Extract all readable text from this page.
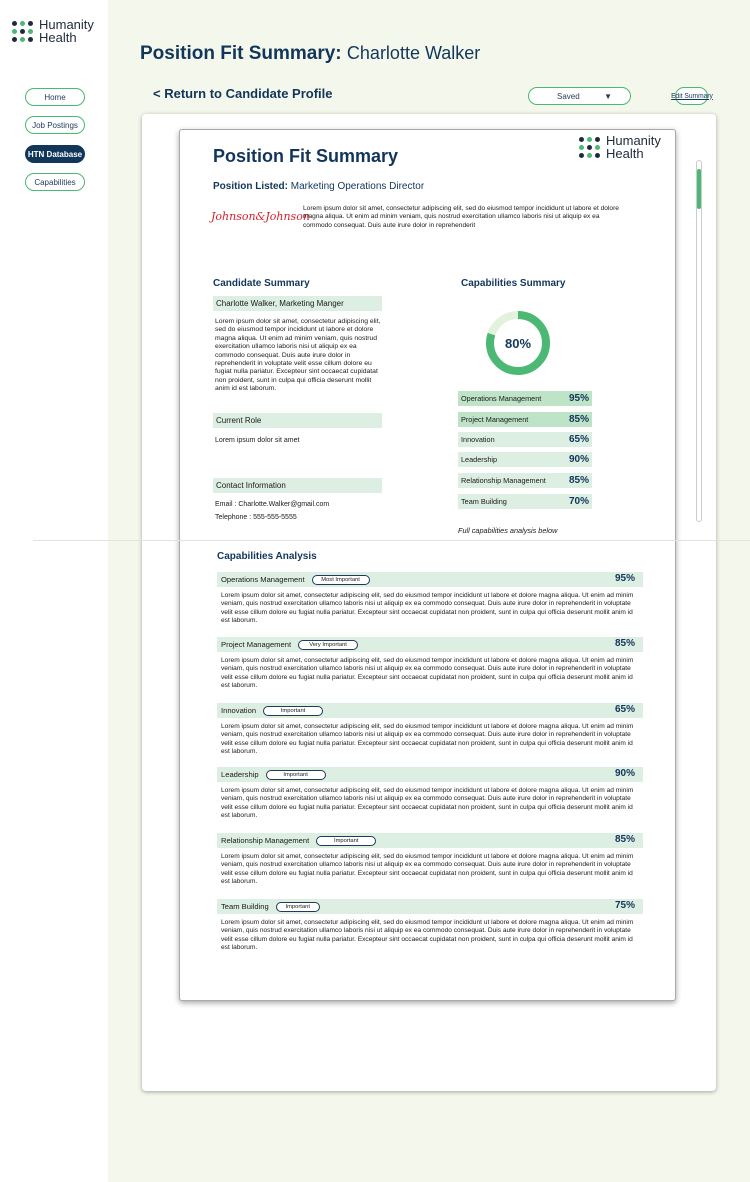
Humanity
Health
Home
Job Postings
HTN Database
Capabilities
Position Fit Summary: Charlotte Walker
< Return to Candidate Profile	Saved	▼	Edit Summary
Humanity
Health
Position Fit Summary
Position Listed: Marketing Operations Director
Johnson&Johnson
Lorem ipsum dolor sit amet, consectetur adipiscing elit, sed do eiusmod tempor incididunt ut labore et dolore magna aliqua. Ut enim ad minim veniam, quis nostrud exercitation ullamco laboris nisi ut aliquip ex ea commodo consequat. Duis aute irure dolor in reprehenderit
Candidate Summary
Charlotte Walker, Marketing Manger
Lorem ipsum dolor sit amet, consectetur adipiscing elit, sed do eiusmod tempor incididunt ut labore et dolore magna aliqua. Ut enim ad minim veniam, quis nostrud exercitation ullamco laboris nisi ut aliquip ex ea commodo consequat. Duis aute irure dolor in reprehenderit in voluptate velit esse cillum dolore eu fugiat nulla pariatur. Excepteur sint occaecat cupidatat non proident, sunt in culpa qui officia deserunt mollit anim id est laborum.
Current Role
Lorem ipsum dolor sit amet
Contact Information
Email : Charlotte.Walker@gmail.com
Telephone : 555-555-5555
Capabilities Summary
80%
Operations Management	95%
Project Management	85%
Innovation	65%
Leadership	90%
Relationship Management 85%
Team Building	70%
Full capabilities analysis below
Capabilities Analysis
Operations Management	Most Important	95%
Lorem ipsum dolor sit amet, consectetur adipiscing elit, sed do eiusmod tempor incididunt ut labore et dolore magna aliqua. Ut enim ad minim veniam, quis nostrud exercitation ullamco laboris nisi ut aliquip ex ea commodo consequat. Duis aute irure dolor in reprehenderit in voluptate velit esse cillum dolore eu fugiat nulla pariatur. Excepteur sint occaecat cupidatat non proident, sunt in culpa qui officia deserunt mollit anim id est laborum.
Project Management	Very Important	85%
Lorem ipsum dolor sit amet, consectetur adipiscing elit, sed do eiusmod tempor incididunt ut labore et dolore magna aliqua. Ut enim ad minim veniam, quis nostrud exercitation ullamco laboris nisi ut aliquip ex ea commodo consequat. Duis aute irure dolor in reprehenderit in voluptate velit esse cillum dolore eu fugiat nulla pariatur. Excepteur sint occaecat cupidatat non proident, sunt in culpa qui officia deserunt mollit anim id est laborum.
Innovation	Important	65%
Lorem ipsum dolor sit amet, consectetur adipiscing elit, sed do eiusmod tempor incididunt ut labore et dolore magna aliqua. Ut enim ad minim veniam, quis nostrud exercitation ullamco laboris nisi ut aliquip ex ea commodo consequat. Duis aute irure dolor in reprehenderit in voluptate velit esse cillum dolore eu fugiat nulla pariatur. Excepteur sint occaecat cupidatat non proident, sunt in culpa qui officia deserunt mollit anim id est laborum.
Leadership	Important	90%
Lorem ipsum dolor sit amet, consectetur adipiscing elit, sed do eiusmod tempor incididunt ut labore et dolore magna aliqua. Ut enim ad minim veniam, quis nostrud exercitation ullamco laboris nisi ut aliquip ex ea commodo consequat. Duis aute irure dolor in reprehenderit in voluptate velit esse cillum dolore eu fugiat nulla pariatur. Excepteur sint occaecat cupidatat non proident, sunt in culpa qui officia deserunt mollit anim id est laborum.
Relationship Management	Important	85%
Lorem ipsum dolor sit amet, consectetur adipiscing elit, sed do eiusmod tempor incididunt ut labore et dolore magna aliqua. Ut enim ad minim veniam, quis nostrud exercitation ullamco laboris nisi ut aliquip ex ea commodo consequat. Duis aute irure dolor in reprehenderit in voluptate velit esse cillum dolore eu fugiat nulla pariatur. Excepteur sint occaecat cupidatat non proident, sunt in culpa qui officia deserunt mollit anim id est laborum.
Team Building	Important	75%
Lorem ipsum dolor sit amet, consectetur adipiscing elit, sed do eiusmod tempor incididunt ut labore et dolore magna aliqua. Ut enim ad minim veniam, quis nostrud exercitation ullamco laboris nisi ut aliquip ex ea commodo consequat. Duis aute irure dolor in reprehenderit in voluptate velit esse cillum dolore eu fugiat nulla pariatur. Excepteur sint occaecat cupidatat non proident, sunt in culpa qui officia deserunt mollit anim id est laborum.
